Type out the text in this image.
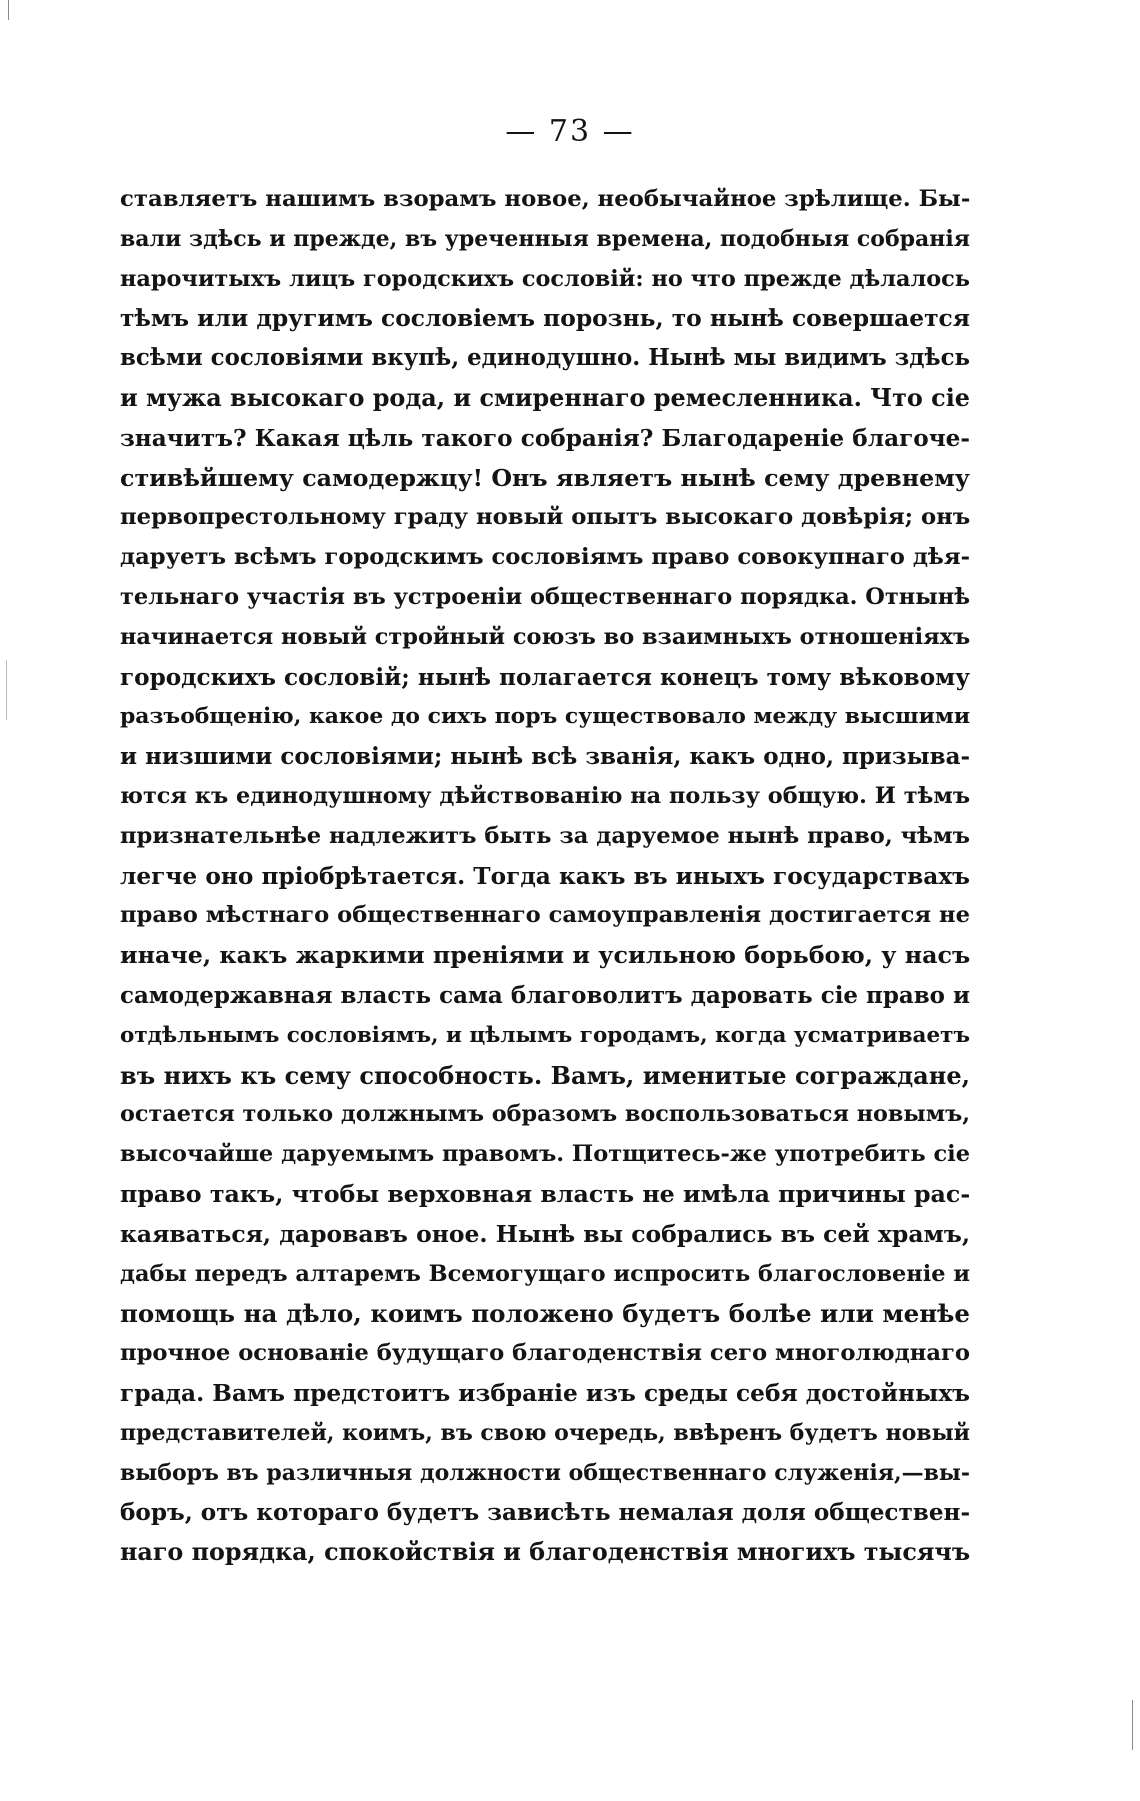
— 73 —
ставляетъ нашимъ взорамъ новое, необычайное зрѣлище. Бы-
вали здѣсь и прежде, въ урeченныя времена, подобныя собранія
нарочитыхъ лицъ городскихъ сословій: но что прежде дѣлалось
тѣмъ или другимъ сословіемъ порознь, то нынѣ совершается
всѣми сословіями вкупѣ, единодушно. Нынѣ мы видимъ здѣсь
и мужа высокаго рода, и смиреннаго ремесленника. Что сіе
значитъ? Какая цѣль такого собранія? Благодареніе благоче-
стивѣйшему самодержцу! Онъ являетъ нынѣ сему древнему
первопрестольному граду новый опытъ высокаго довѣрія; онъ
даруетъ всѣмъ городскимъ сословіямъ право совокупнаго дѣя-
тельнаго участія въ устроеніи общественнаго порядка. Отнынѣ
начинается новый стройный союзъ во взаимныхъ отношеніяхъ
городскихъ сословій; нынѣ полагается конецъ тому вѣковому
разъобщенію, какое до сихъ поръ существовало между высшими
и низшими сословіями; нынѣ всѣ званія, какъ одно, призыва-
ются къ единодушному дѣйствованію на пользу общую. И тѣмъ
признательнѣе надлежитъ быть за даруемое нынѣ право, чѣмъ
легче оно пріобрѣтается. Тогда какъ въ иныхъ государствахъ
право мѣстнаго общественнаго самоуправленія достигается не
иначе, какъ жаркими преніями и усильною борьбою, у насъ
самодержавная власть сама благоволитъ даровать сіе право и
отдѣльнымъ сословіямъ, и цѣлымъ городамъ, когда усматриваетъ
въ нихъ къ сему способность. Вамъ, именитые сограждане,
остается только должнымъ образомъ воспользоваться новымъ,
высочайше даруемымъ правомъ. Потщитесь-же употребить сіе
право такъ, чтобы верховная власть не имѣла причины рас-
каяваться, даровавъ оное. Нынѣ вы собрались въ сей храмъ,
дабы передъ алтаремъ Всемогущаго испросить благословеніе и
помощь на дѣло, коимъ положено будетъ болѣе или менѣе
прочное основаніе будущаго благоденствія сего многолюднаго
града. Вамъ предстоитъ избраніе изъ среды себя достойныхъ
представителей, коимъ, въ свою очередь, ввѣренъ будетъ новый
выборъ въ различныя должности общественнаго служенія,—вы-
боръ, отъ котораго будетъ зависѣть немалая доля обществен-
наго порядка, спокойствія и благоденствія многихъ тысячъ
